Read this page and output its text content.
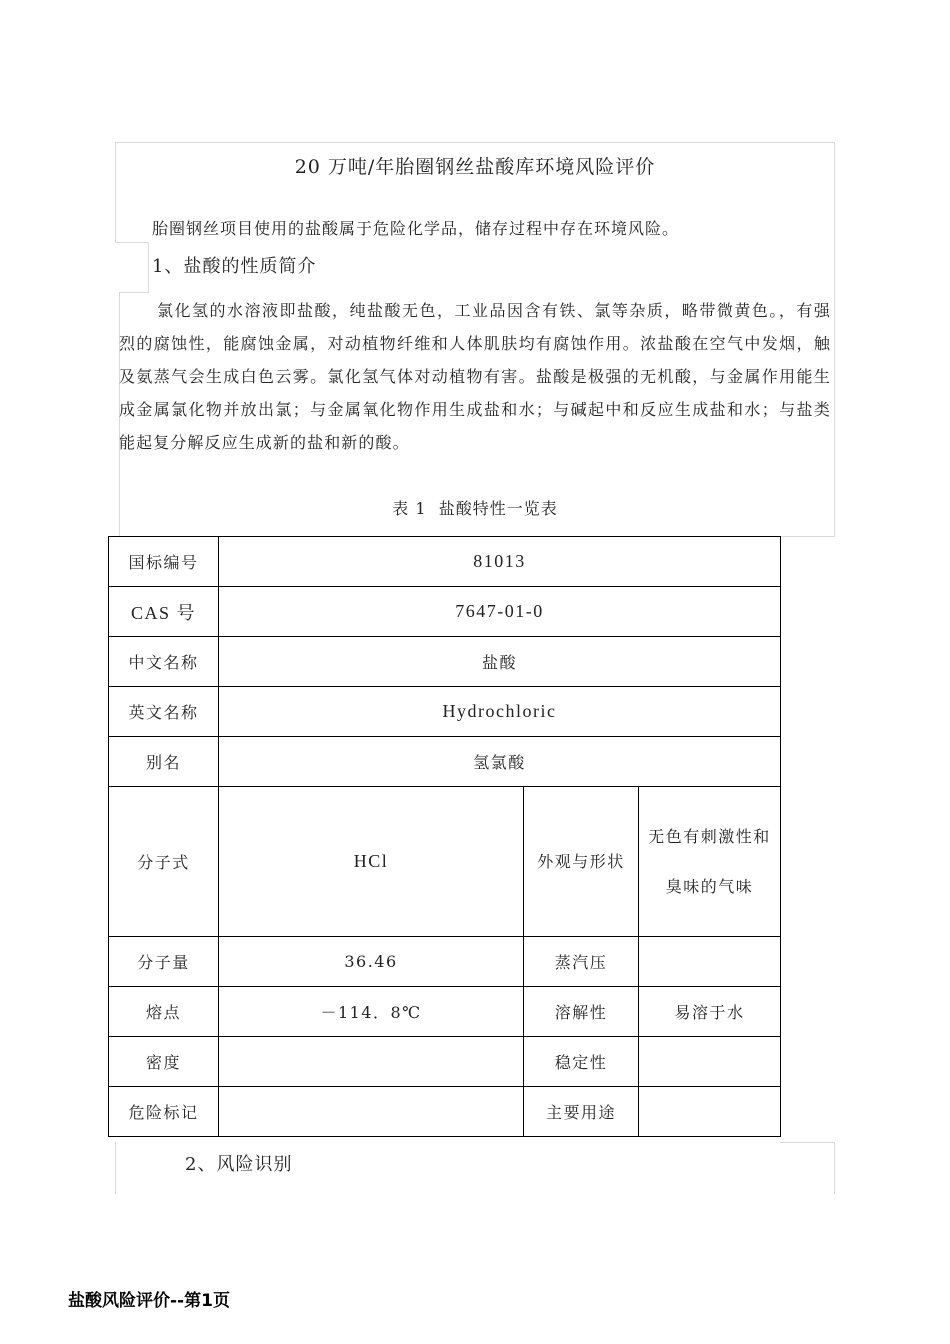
20 万吨/年胎圈钢丝盐酸库环境风险评价
胎圈钢丝项目使用的盐酸属于危险化学品，储存过程中存在环境风险。
1、盐酸的性质简介

氯化氢的水溶液即盐酸，纯盐酸无色，工业品因含有铁、氯等杂质，略带微黄色。，有强烈的腐蚀性，能腐蚀金属，对动植物纤维和人体肌肤均有腐蚀作用。浓盐酸在空气中发烟，触及氨蒸气会生成白色云雾。氯化氢气体对动植物有害。盐酸是极强的无机酸，与金属作用能生成金属氯化物并放出氯；与金属氧化物作用生成盐和水；与碱起中和反应生成盐和水；与盐类能起复分解反应生成新的盐和新的酸。

表 1  盐酸特性一览表
国标编号	81013		
CAS 号	7647-01-0		
中文名称	盐酸		
英文名称	Hydrochloric		
别名	氢氯酸		
分子式	HCl	外观与形状	无色有刺激性和臭味的气味
分子量	36.46	蒸汽压	
熔点	－114．8℃	溶解性	易溶于水
密度		稳定性	
危险标记		主要用途	
2、风险识别
盐酸风险评价--第1页
